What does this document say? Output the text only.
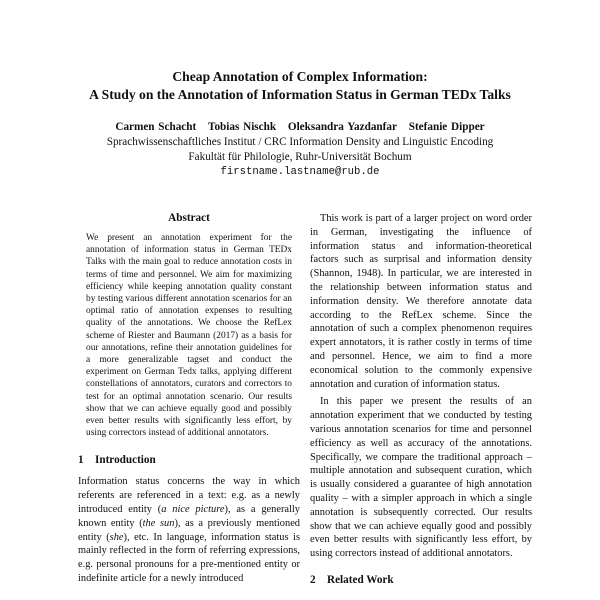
Cheap Annotation of Complex Information:
A Study on the Annotation of Information Status in German TEDx Talks
Carmen Schacht Tobias Nischk Oleksandra Yazdanfar Stefanie Dipper
Sprachwissenschaftliches Institut / CRC Information Density and Linguistic Encoding
Fakultät für Philologie, Ruhr-Universität Bochum
firstname.lastname@rub.de
Abstract

We present an annotation experiment for the annotation of information status in German TEDx Talks with the main goal to reduce annotation costs in terms of time and personnel. We aim for maximizing efficiency while keeping annotation quality constant by testing various different annotation scenarios for an optimal ratio of annotation expenses to resulting quality of the annotations. We choose the RefLex scheme of Riester and Baumann (2017) as a basis for our annotations, refine their annotation guidelines for a more generalizable tagset and conduct the experiment on German Tedx talks, applying different constellations of annotators, curators and correctors to test for an optimal annotation scenario. Our results show that we can achieve equally good and possibly even better results with significantly less effort, by using correctors instead of additional annotators.

1 Introduction

Information status concerns the way in which referents are referenced in a text: e.g. as a newly introduced entity (a nice picture), as a generally known entity (the sun), as a previously mentioned entity (she), etc. In language, information status is mainly reflected in the form of referring expressions, e.g. personal pronouns for a pre-mentioned entity or indefinite article for a newly introduced

This work is part of a larger project on word order in German, investigating the influence of information status and information-theoretical factors such as surprisal and information density (Shannon, 1948). In particular, we are interested in the relationship between information status and information density. We therefore annotate data according to the RefLex scheme. Since the annotation of such a complex phenomenon requires expert annotators, it is rather costly in terms of time and personnel. Hence, we aim to find a more economical solution to the commonly expensive annotation and curation of information status.

In this paper we present the results of an annotation experiment that we conducted by testing various annotation scenarios for time and personnel efficiency as well as accuracy of the annotations. Specifically, we compare the traditional approach – multiple annotation and subsequent curation, which is usually considered a guarantee of high annotation quality – with a simpler approach in which a single annotation is subsequently corrected. Our results show that we can achieve equally good and possibly even better results with significantly less effort, by using correctors instead of additional annotators.

2 Related Work
